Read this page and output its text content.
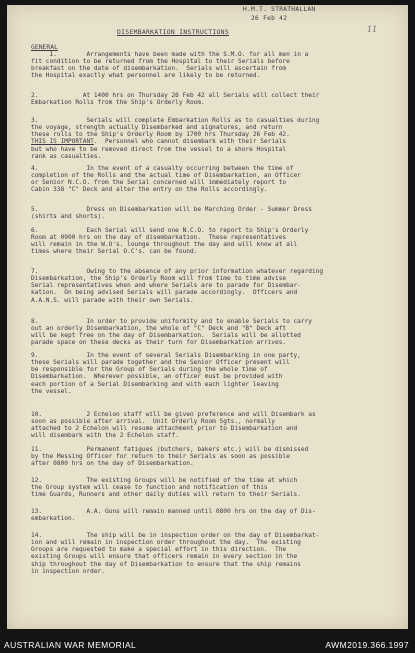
H.M.T. STRATHALLAN
26 Feb 42
11
DISEMBARKATION INSTRUCTIONS
GENERAL
1.        Arrangements have been made with the S.M.O. for all men in a
fit condition to be returned from the Hospital to their Serials before
breakfast on the date of disembarkation.  Serials will ascertain from
the Hospital exactly what personnel are likely to be returned.
2.            At 1400 hrs on Thursday 26 Feb 42 all Serials will collect their
Embarkation Rolls from the Ship's Orderly Room.
3.             Serials will complete Embarkation Rolls as to casualties during
the voyage, strength actually Disembarked and signatures, and return
these rolls to the Ship's Orderly Room by 1700 hrs Thursday 26 Feb 42.
THIS IS IMPORTANT.  Personnel who cannot disembark with their Serials
but who have to be removed direct from the vessel to a shore Hospital
rank as casualties.
4.             In the event of a casualty occurring between the time of
completion of the Rolls and the actual time of Disembarkation, an Officer
or Senior N.C.O. from the Serial concerned will immediately report to
Cabin 338 "C" Deck and alter the entry on the Rolls accordingly.
5.             Dress on Disembarkation will be Marching Order - Summer Dress
(shirts and shorts).
6.             Each Serial will send one N.C.O. to report to Ship's Orderly
Room at 0900 hrs on the day of disembarkation.  These representatives
will remain in the W.O's. lounge throughout the day and will know at all
times where their Serial O.C's. can be found.
7.             Owing to the absence of any prior information whatever regarding
Disembarkation, the Ship's Orderly Room will from time to time advise
Serial representatives when and where Serials are to parade for Disembar-
kation.  On being advised Serials will parade accordingly.  Officers and
A.A.N.S. will parade with their own Serials.
8.             In order to provide uniformity and to enable Serials to carry
out an orderly Disembarkation, the whole of "C" Deck and "B" Deck aft
will be kept free on the day of Disembarkation.  Serials will be allotted
parade space on these decks as their turn for Disembarkation arrives.
9.             In the event of several Serials Disembarking in one party,
these Serials will parade together and the Senior Officer present will
be responsible for the Group of Serials during the whole time of
Disembarkation.  Wherever possible, an officer must be provided with
each portion of a Serial Disembarking and with each lighter leaving
the vessel.
10.            2 Echelon staff will be given preference and will Disembark as
soon as possible after arrival.  Unit Orderly Room Sgts., normally
attached to 2 Echelon will resume attachment prior to Disembarkation and
will disembark with the 2 Echelon staff.
11.            Permanent fatigues (butchers, bakers etc.) will be dismissed
by the Messing Officer for return to their Serials as soon as possible
after 0800 hrs on the day of Disembarkation.
12.            The existing Groups will be notified of the time at which
the Group system will cease to function and notification of this
time Guards, Runners and other daily duties will return to their Serials.
13.            A.A. Guns will remain manned until 0800 hrs on the day of Dis-
embarkation.
14.            The ship will be in inspection order on the day of Disembarkat-
ion and will remain in inspection order throughout the day.  The existing
Groups are requested to make a special effort in this direction.  The
existing Groups will ensure that officers remain in every section in the
ship throughout the day of Disembarkation to ensure that the ship remains
in inspection order.
AUSTRALIAN WAR MEMORIAL	AWM2019.366.1997
